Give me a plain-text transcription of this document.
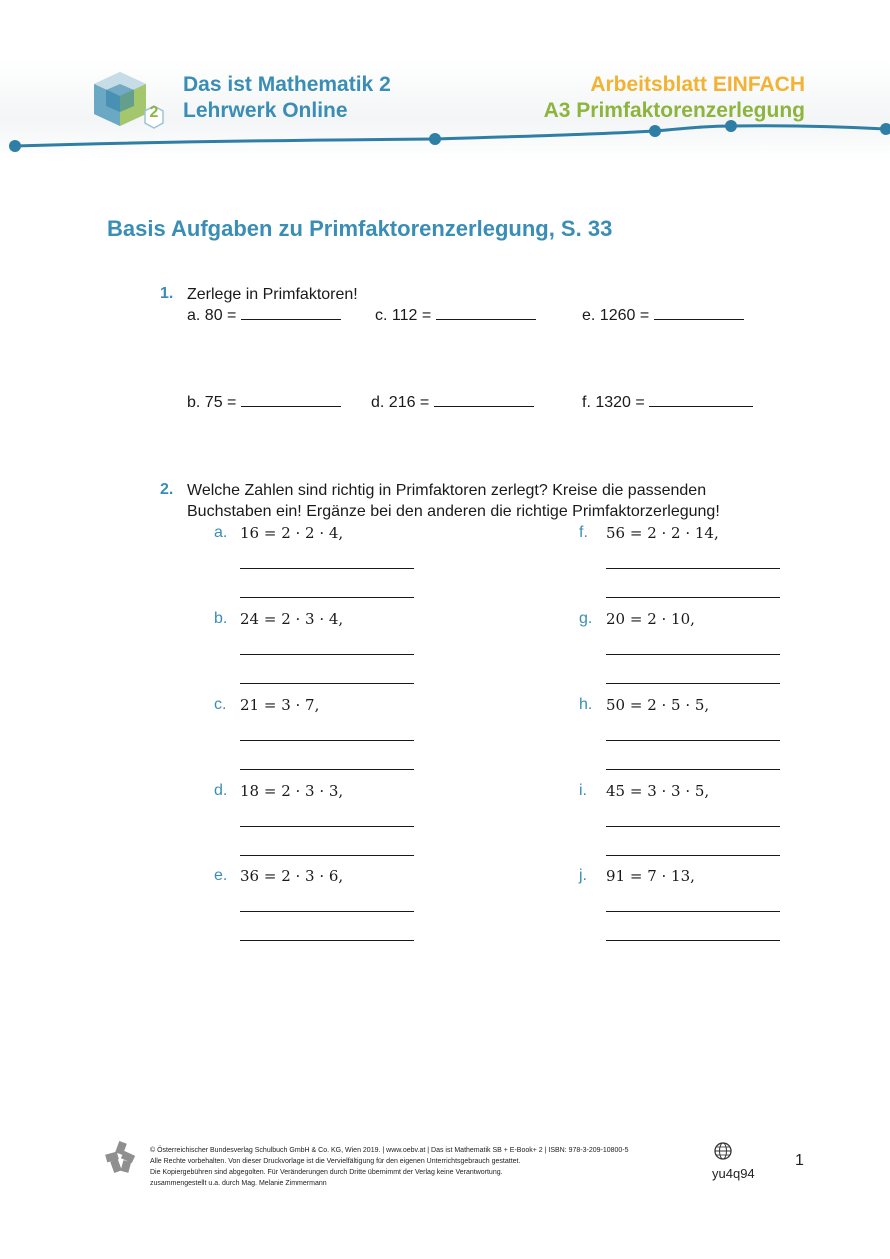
2
Das ist Mathematik 2
Lehrwerk Online
Arbeitsblatt EINFACH
A3 Primfaktorenzerlegung
Basis Aufgaben zu Primfaktorenzerlegung, S. 33
1. Zerlege in Primfaktoren!
a. 80 =	c. 112 =	e. 1260 =
b. 75 =	d. 216 =	f. 1320 =
2. Welche Zahlen sind richtig in Primfaktoren zerlegt? Kreise die passenden
Buchstaben ein! Ergänze bei den anderen die richtige Primfaktorzerlegung!
a. 16 = 2 · 2 · 4,
b. 24 = 2 · 3 · 4,
c. 21 = 3 · 7,
d. 18 = 2 · 3 · 3,
e. 36 = 2 · 3 · 6,
f. 56 = 2 · 2 · 14,
g. 20 = 2 · 10,
h. 50 = 2 · 5 · 5,
i. 45 = 3 · 3 · 5,
j. 91 = 7 · 13,
© Österreichischer Bundesverlag Schulbuch GmbH & Co. KG, Wien 2019. | www.oebv.at | Das ist Mathematik SB + E-Book+ 2 | ISBN: 978-3-209-10800-5
Alle Rechte vorbehalten. Von dieser Druckvorlage ist die Vervielfältigung für den eigenen Unterrichtsgebrauch gestattet.
Die Kopiergebühren sind abgegolten. Für Veränderungen durch Dritte übernimmt der Verlag keine Verantwortung.
zusammengestellt u.a. durch Mag. Melanie Zimmermann
yu4q94
1
